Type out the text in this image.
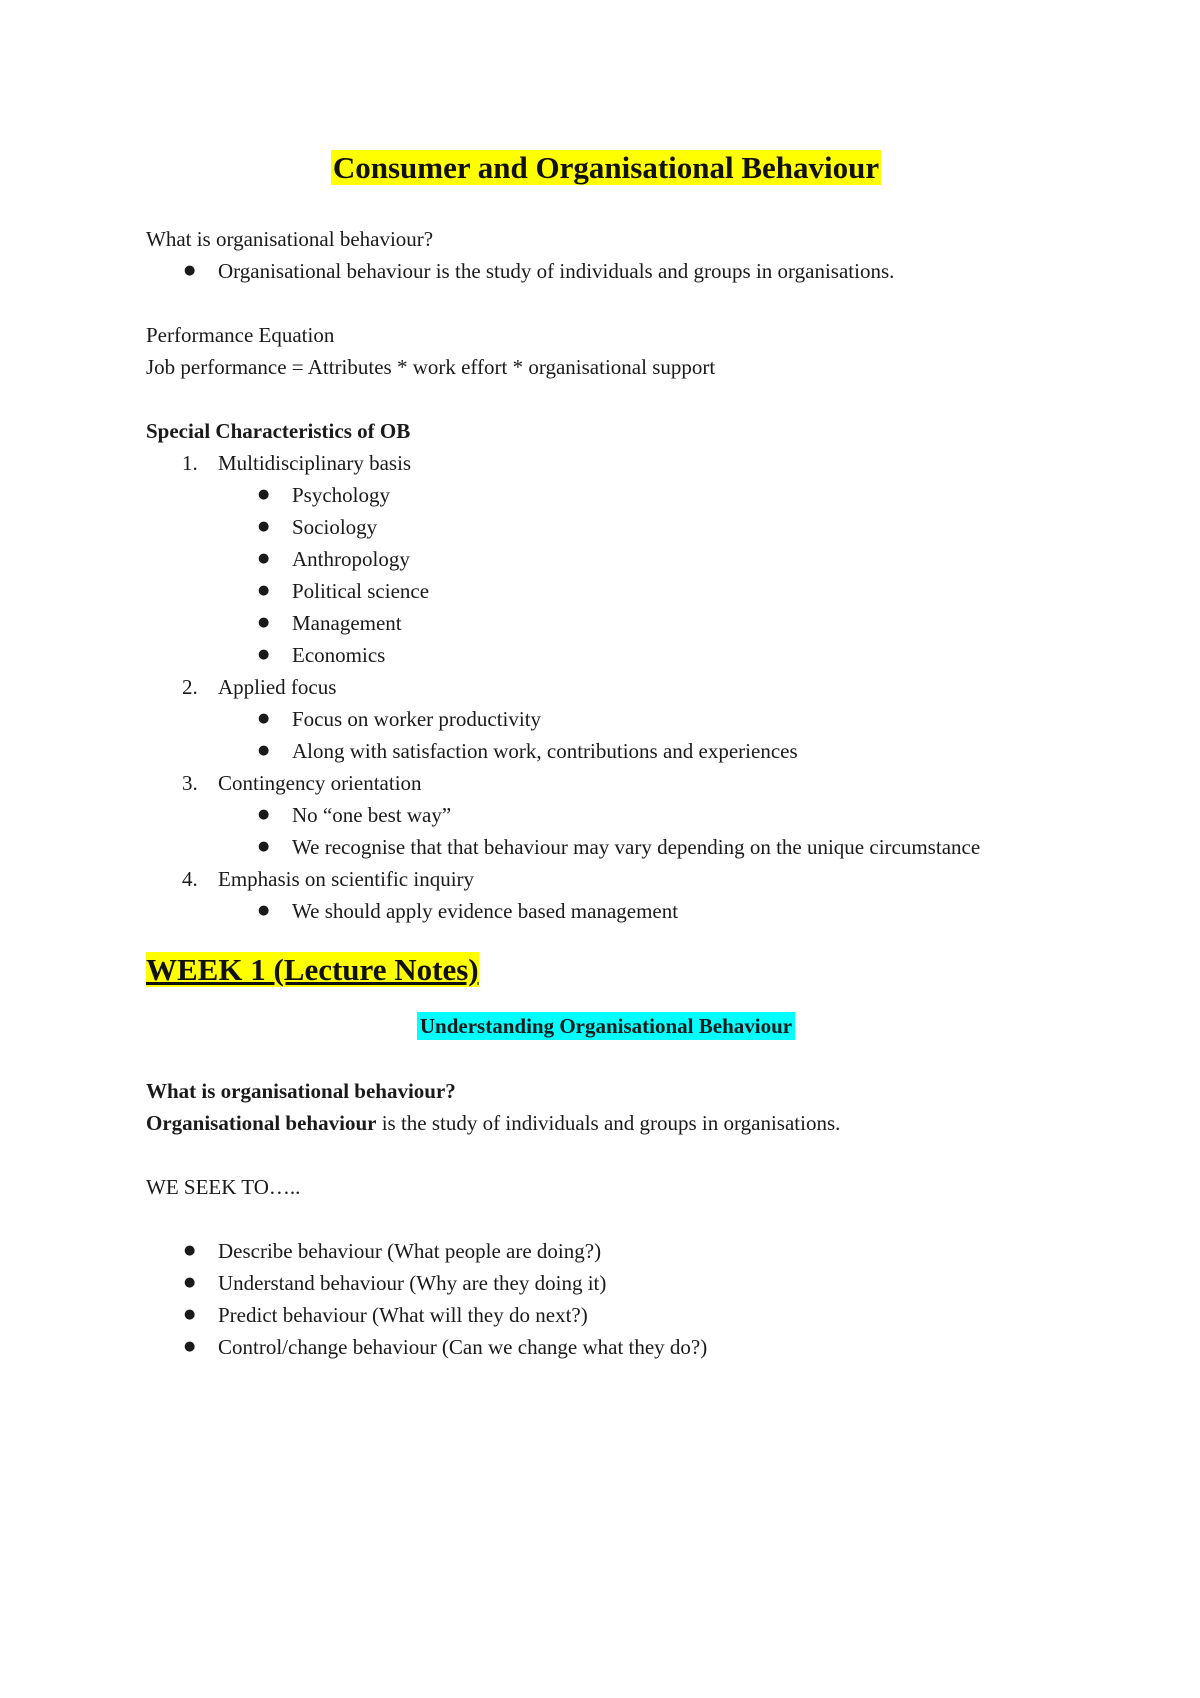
Consumer and Organisational Behaviour

What is organisational behaviour?

● Organisational behaviour is the study of individuals and groups in organisations.

Performance Equation

Job performance = Attributes * work effort * organisational support

Special Characteristics of OB

1. Multidisciplinary basis
● Psychology
● Sociology
● Anthropology
● Political science
● Management
● Economics
2. Applied focus
● Focus on worker productivity
● Along with satisfaction work, contributions and experiences
3. Contingency orientation
● No “one best way”
● We recognise that that behaviour may vary depending on the unique circumstance
4. Emphasis on scientific inquiry
● We should apply evidence based management
WEEK 1 (Lecture Notes)
Understanding Organisational Behaviour

What is organisational behaviour?

Organisational behaviour is the study of individuals and groups in organisations.

WE SEEK TO…..

● Describe behaviour (What people are doing?)
● Understand behaviour (Why are they doing it)
● Predict behaviour (What will they do next?)
● Control/change behaviour (Can we change what they do?)
